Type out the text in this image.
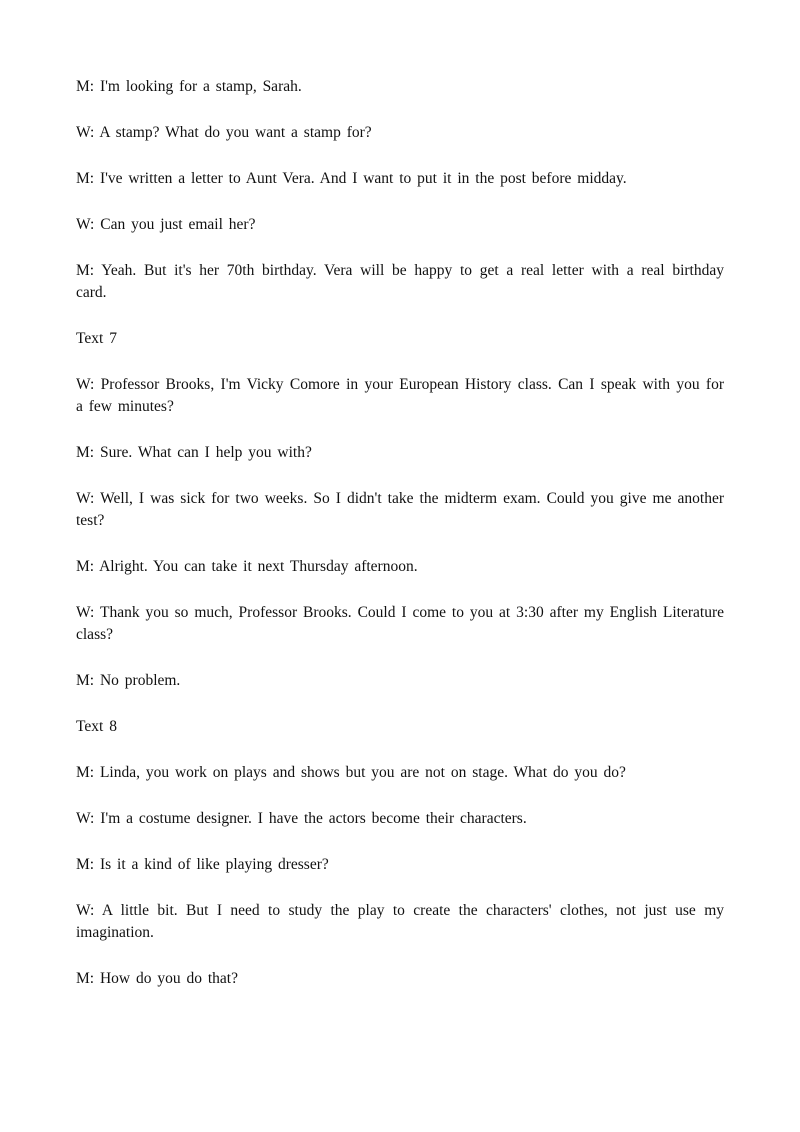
M: I'm looking for a stamp, Sarah.

W: A stamp? What do you want a stamp for?

M: I've written a letter to Aunt Vera. And I want to put it in the post before midday.

W: Can you just email her?

M: Yeah. But it's her 70th birthday. Vera will be happy to get a real letter with a real birthday card.

Text 7

W: Professor Brooks, I'm Vicky Comore in your European History class. Can I speak with you for a few minutes?

M: Sure. What can I help you with?

W: Well, I was sick for two weeks. So I didn't take the midterm exam. Could you give me another test?

M: Alright. You can take it next Thursday afternoon.

W: Thank you so much, Professor Brooks. Could I come to you at 3:30 after my English Literature class?

M: No problem.

Text 8

M: Linda, you work on plays and shows but you are not on stage. What do you do?

W: I'm a costume designer. I have the actors become their characters.

M: Is it a kind of like playing dresser?

W: A little bit. But I need to study the play to create the characters' clothes, not just use my imagination.

M: How do you do that?
